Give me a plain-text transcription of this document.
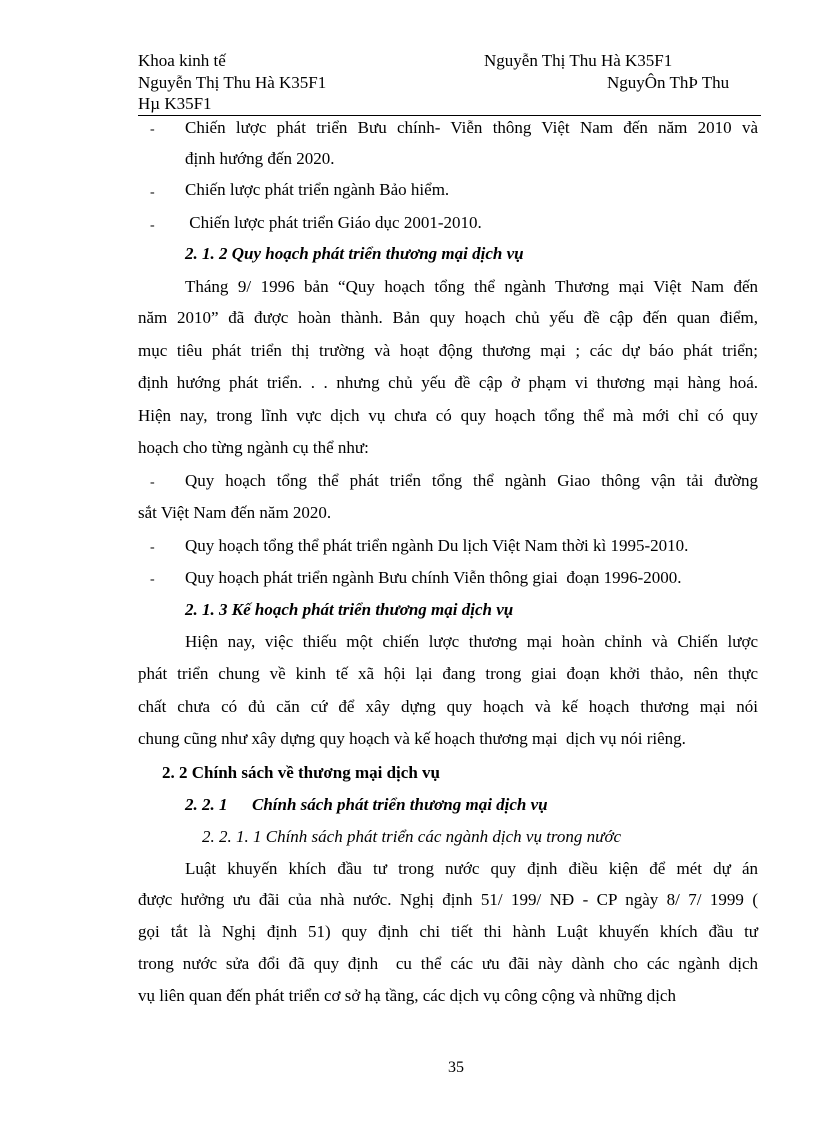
Khoa kinh tế	Nguyễn Thị Thu Hà K35F1
Nguyễn Thị Thu Hà K35F1	NguyÔn ThÞ Thu
Hµ K35F1
‐ Chiến lược phát triển Bưu chính- Viễn thông Việt Nam đến năm 2010 và
định hướng đến 2020.
‐ Chiến lược phát triển ngành Bảo hiểm.
‐ Chiến lược phát triển Giáo dục 2001-2010.
2. 1. 2 Quy hoạch phát triển thương mại dịch vụ
Tháng 9/ 1996 bản “Quy hoạch tổng thể ngành Thương mại Việt Nam đến
năm 2010” đã được hoàn thành. Bản quy hoạch chủ yếu đề cập đến quan điểm,
mục tiêu phát triển thị trường và hoạt động thương mại ; các dự báo phát triển;
định hướng phát triển. . . nhưng chủ yếu đề cập ở phạm vi thương mại hàng hoá.
Hiện nay, trong lĩnh vực dịch vụ chưa có quy hoạch tổng thể mà mới chỉ có quy
hoạch cho từng ngành cụ thể như:
‐ Quy hoạch tổng thể phát triển tổng thể ngành Giao thông vận tải đường
sắt Việt Nam đến năm 2020.
‐ Quy hoạch tổng thể phát triển ngành Du lịch Việt Nam thời kì 1995-2010.
‐ Quy hoạch phát triển ngành Bưu chính Viễn thông giai  đoạn 1996-2000.
2. 1. 3 Kế hoạch phát triển thương mại dịch vụ
Hiện nay, việc thiếu một chiến lược thương mại hoàn chỉnh và Chiến lược
phát triển chung về kinh tế xã hội lại đang trong giai đoạn khởi thảo, nên thực
chất chưa có đủ căn cứ để xây dựng quy hoạch và kế hoạch thương mại nói
chung cũng như xây dựng quy hoạch và kế hoạch thương mại  dịch vụ nói riêng.
2. 2 Chính sách về thương mại dịch vụ
2. 2. 1	Chính sách phát triển thương mại dịch vụ
2. 2. 1. 1 Chính sách phát triển các ngành dịch vụ trong nước
Luật khuyến khích đầu tư trong nước quy định điều kiện để mét dự án
được hưởng ưu đãi của nhà nước. Nghị định 51/ 199/ NĐ - CP ngày 8/ 7/ 1999 (
gọi tắt là Nghị định 51) quy định chi tiết thi hành Luật khuyến khích đầu tư
trong nước sửa đổi đã quy định  cu thể các ưu đãi này dành cho các ngành dịch
vụ liên quan đến phát triển cơ sở hạ tầng, các dịch vụ công cộng và những dịch
35
